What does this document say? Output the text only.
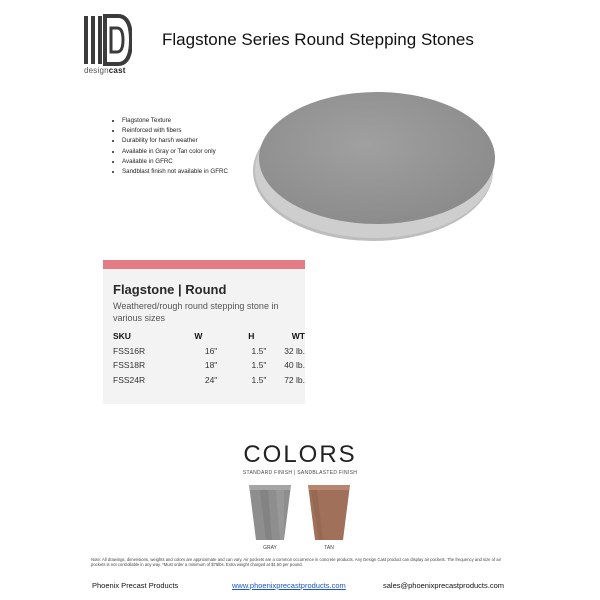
designcast
Flagstone Series Round Stepping Stones
• Flagstone Texture
• Reinforced with fibers
• Durability for harsh weather
• Available in Gray or Tan color only
• Available in GFRC
• Sandblast finish not available in GFRC
Flagstone | Round
Weathered/rough round stepping stone in various sizes
SKU	W	H	WT
FSS16R	16"	1.5"	32 lb.
FSS18R	18"	1.5"	40 lb.
FSS24R	24"	1.5"	72 lb.
COLORS
STANDARD FINISH | SANDBLASTED FINISH
GRAY	TAN
Note: All drawings, dimensions, weights and colors are approximate and can vary. Air pockets are a common occurrence in concrete products. Any Design Cast product can display air pockets. The frequency and size of air pockets is not controllable in any way. *Must order a minimum of $75lbs. Extra weight charged at $1.50 per pound.
Phoenix Precast Products	www.phoenixprecastproducts.com	sales@phoenixprecastproducts.com
